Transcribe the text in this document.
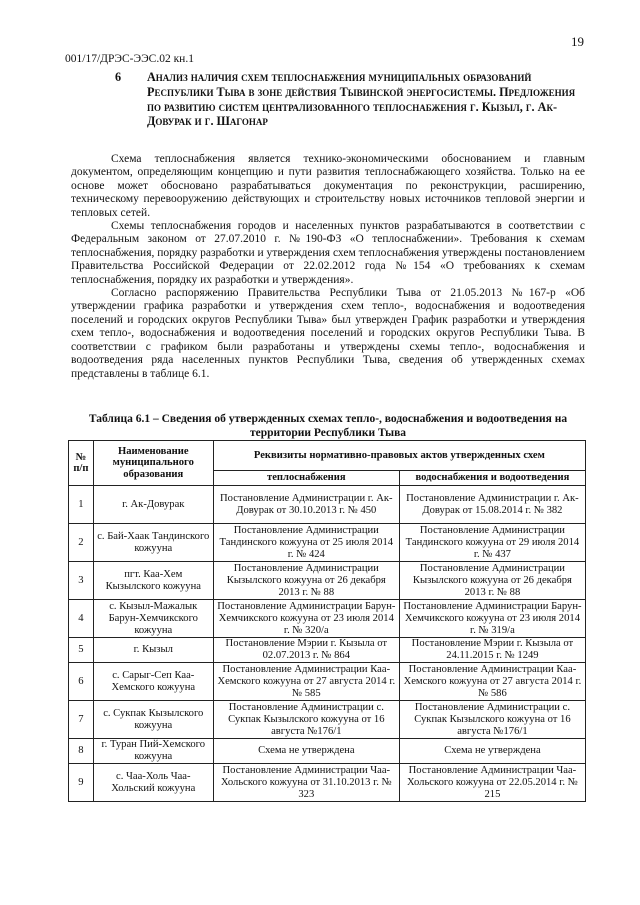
19
001/17/ДРЭС-ЭЭС.02 кн.1
6 Анализ наличия схем теплоснабжения муниципальных образований Республики Тыва в зоне действия Тывинской энергосистемы. Предложения по развитию систем централизованного теплоснабжения г. Кызыл, г. Ак-Довурак и г. Шагонар

Схема теплоснабжения является технико-экономическими обоснованием и главным документом, определяющим концепцию и пути развития теплоснабжающего хозяйства. Только на ее основе может обосновано разрабатываться документация по реконструкции, расширению, техническому перевооружению действующих и строительству новых источников тепловой энергии и тепловых сетей.

Схемы теплоснабжения городов и населенных пунктов разрабатываются в соответствии с Федеральным законом от 27.07.2010 г. №190-ФЗ «О теплоснабжении». Требования к схемам теплоснабжения, порядку разработки и утверждения схем теплоснабжения утверждены постановлением Правительства Российской Федерации от 22.02.2012 года №154 «О требованиях к схемам теплоснабжения, порядку их разработки и утверждения».

Согласно распоряжению Правительства Республики Тыва от 21.05.2013 №167-р «Об утверждении графика разработки и утверждения схем тепло-, водоснабжения и водоотведения поселений и городских округов Республики Тыва» был утвержден График разработки и утверждения схем тепло-, водоснабжения и водоотведения поселений и городских округов Республики Тыва. В соответствии с графиком были разработаны и утверждены схемы тепло-, водоснабжения и водоотведения ряда населенных пунктов Республики Тыва, сведения об утвержденных схемах представлены в таблице 6.1.

Таблица 6.1 – Сведения об утвержденных схемах тепло-, водоснабжения и водоотведения на территории Республики Тыва
№ п/п	Наименование муниципального образования	Реквизиты нормативно-правовых актов утвержденных схем	
		теплоснабжения	водоснабжения и водоотведения
1	г. Ак-Довурак	Постановление Администрации г. Ак-Довурак от 30.10.2013 г. № 450	Постановление Администрации г. Ак-Довурак от 15.08.2014 г. № 382
2	с. Бай-Хаак Тандинского кожууна	Постановление Администрации Тандинского кожууна от 25 июля 2014 г. № 424	Постановление Администрации Тандинского кожууна от 29 июля 2014 г. № 437
3	пгт. Каа-Хем Кызылского кожууна	Постановление Администрации Кызылского кожууна от 26 декабря 2013 г. № 88	Постановление Администрации Кызылского кожууна от 26 декабря 2013 г. № 88
4	с. Кызыл-Мажалык Барун-Хемчикского кожууна	Постановление Администрации Барун-Хемчикского кожууна от 23 июля 2014 г. № 320/а	Постановление Администрации Барун-Хемчикского кожууна от 23 июля 2014 г. № 319/а
5	г. Кызыл	Постановление Мэрии г. Кызыла от 02.07.2013 г. № 864	Постановление Мэрии г. Кызыла от 24.11.2015 г. № 1249
6	с. Сарыг-Сеп Каа-Хемского кожууна	Постановление Администрации Каа-Хемского кожууна от 27 августа 2014 г. № 585	Постановление Администрации Каа-Хемского кожууна от 27 августа 2014 г. № 586
7	с. Сукпак Кызылского кожууна	Постановление Администрации с. Сукпак Кызылского кожууна от 16 августа №176/1	Постановление Администрации с. Сукпак Кызылского кожууна от 16 августа №176/1
8	г. Туран Пий-Хемского кожууна	Схема не утверждена	Схема не утверждена
9	с. Чаа-Холь Чаа-Хольский кожууна	Постановление Администрации Чаа-Хольского кожууна от 31.10.2013 г. № 323	Постановление Администрации Чаа-Хольского кожууна от 22.05.2014 г. № 215
